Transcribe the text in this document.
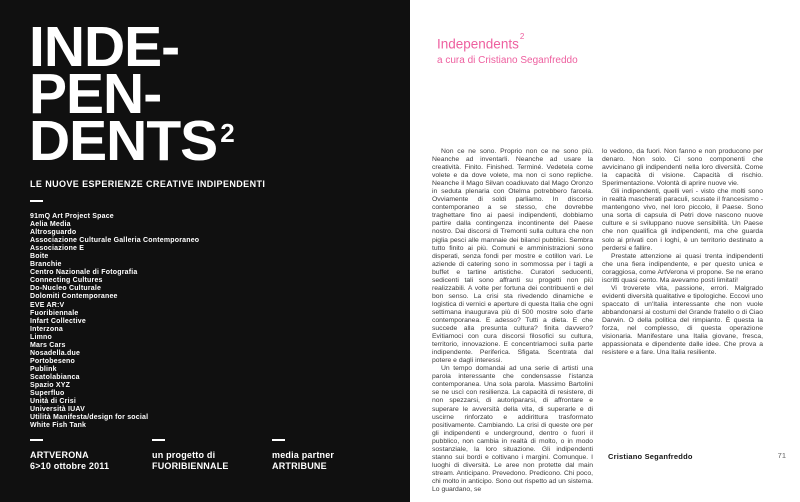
INDE-
PEN-
DENTS $^2$
LE NUOVE ESPERIENZE CREATIVE INDIPENDENTI
91mQ Art Project Space
Aelia Media
Altrosguardo
Associazione Culturale Galleria Contemporaneo
Associazione E
Boite
Branchie
Centro Nazionale di Fotografia
Connecting Cultures
Do-Nucleo Culturale
Dolomiti Contemporanee
EVE AR:V
Fuoribiennale
Infart Collective
Interzona
Limno
Mars Cars
Nosadella.due
Portobeseno
Publink
Scatolabianca
Spazio XYZ
Superfluo
Unità di Crisi
Università IUAV
Utilità Manifesta/design for social
White Fish Tank
ARTVERONA
6>10 ottobre 2011
un progetto di
FUORIBIENNALE
media partner
ARTRIBUNE
Independents$^2$
a cura di Cristiano Seganfreddo

Non ce ne sono. Proprio non ce ne sono più. Neanche ad inventarli. Neanche ad usare la creatività. Finito. Finished. Terminé. Vedetela come volete e da dove volete, ma non ci sono repliche. Neanche il Mago Silvan coadiuvato dal Mago Oronzo in seduta plenaria con Otelma potrebbero farcela. Ovviamente di soldi parliamo. In discorso contemporaneo a se stesso, che dovrebbe traghettare fino ai paesi indipendenti, dobbiamo partire dalla contingenza incontinente del Paese nostro. Dai discorsi di Tremonti sulla cultura che non piglia pesci alle mannaie dei bilanci pubblici. Sembra tutto finito ai più. Comuni e amministrazioni sono disperati, senza fondi per mostre e cotillon vari. Le aziende di catering sono in sommossa per i tagli a buffet e tartine artistiche. Curatori seducenti, sedicenti tali sono affranti su progetti non più realizzabili. A volte per fortuna dei contribuenti e del bon senso. La crisi sta rivedendo dinamiche e logistica di vernici e aperture di questa Italia che ogni settimana inaugurava più di 500 mostre solo d'arte contemporanea. E adesso? Tutti a dieta. E che succede alla presunta cultura? finita davvero? Evitiamoci con cura discorsi filosofici su cultura, territorio, innovazione. E concentriamoci sulla parte indipendente. Periferica. Sfigata. Scentrata dal potere e dagli interessi.

Un tempo domandai ad una serie di artisti una parola interessante che condensasse l'istanza contemporanea. Una sola parola. Massimo Bartolini se ne uscì con resilienza. La capacità di resistere, di non spezzarsi, di autoripararsi, di affrontare e superare le avversità della vita, di superarle e di uscirne rinforzato e addirittura trasformato positivamente. Cambiando. La crisi di queste ore per gli indipendenti e underground, dentro o fuori il pubblico, non cambia in realtà di molto, o in modo sostanziale, la loro situazione. Gli indipendenti stanno sui bordi e coltivano i margini. Comunque. I luoghi di diversità. Le aree non protette dal main stream. Anticipano. Prevedono. Predicono. Chi poco, chi molto in anticipo. Sono out rispetto ad un sistema. Lo guardano, se

lo vedono, da fuori. Non fanno e non producono per denaro. Non solo. Ci sono componenti che avvicinano gli indipendenti nella loro diversità. Come la capacità di visione. Capacità di rischio. Sperimentazione. Volontà di aprire nuove vie.

Gli indipendenti, quelli veri - visto che molti sono in realtà mascherati paraculi, scusate il francesismo - mantengono vivo, nel loro piccolo, il Paese. Sono una sorta di capsula di Petri dove nascono nuove culture e si sviluppano nuove sensibilità. Un Paese che non qualifica gli indipendenti, ma che guarda solo ai privati con i loghi, è un territorio destinato a perdersi e fallire.

Prestate attenzione ai quasi trenta indipendenti che una fiera indipendente, e per questo unica e coraggiosa, come ArtVerona vi propone. Se ne erano iscritti quasi cento. Ma avevamo posti limitati!

Vi troverete vita, passione, errori. Malgrado evidenti diversità qualitative e tipologiche. Eccovi uno spaccato di un'Italia interessante che non vuole abbandonarsi ai costumi del Grande fratello o di Ciao Darwin. O della politica del rimpianto. È questa la forza, nel complesso, di questa operazione visionaria. Manifestare una Italia giovane, fresca, appassionata e dipendente dalle idee. Che prova a resistere e a fare. Una Italia resiliente.

Cristiano Seganfreddo	71
